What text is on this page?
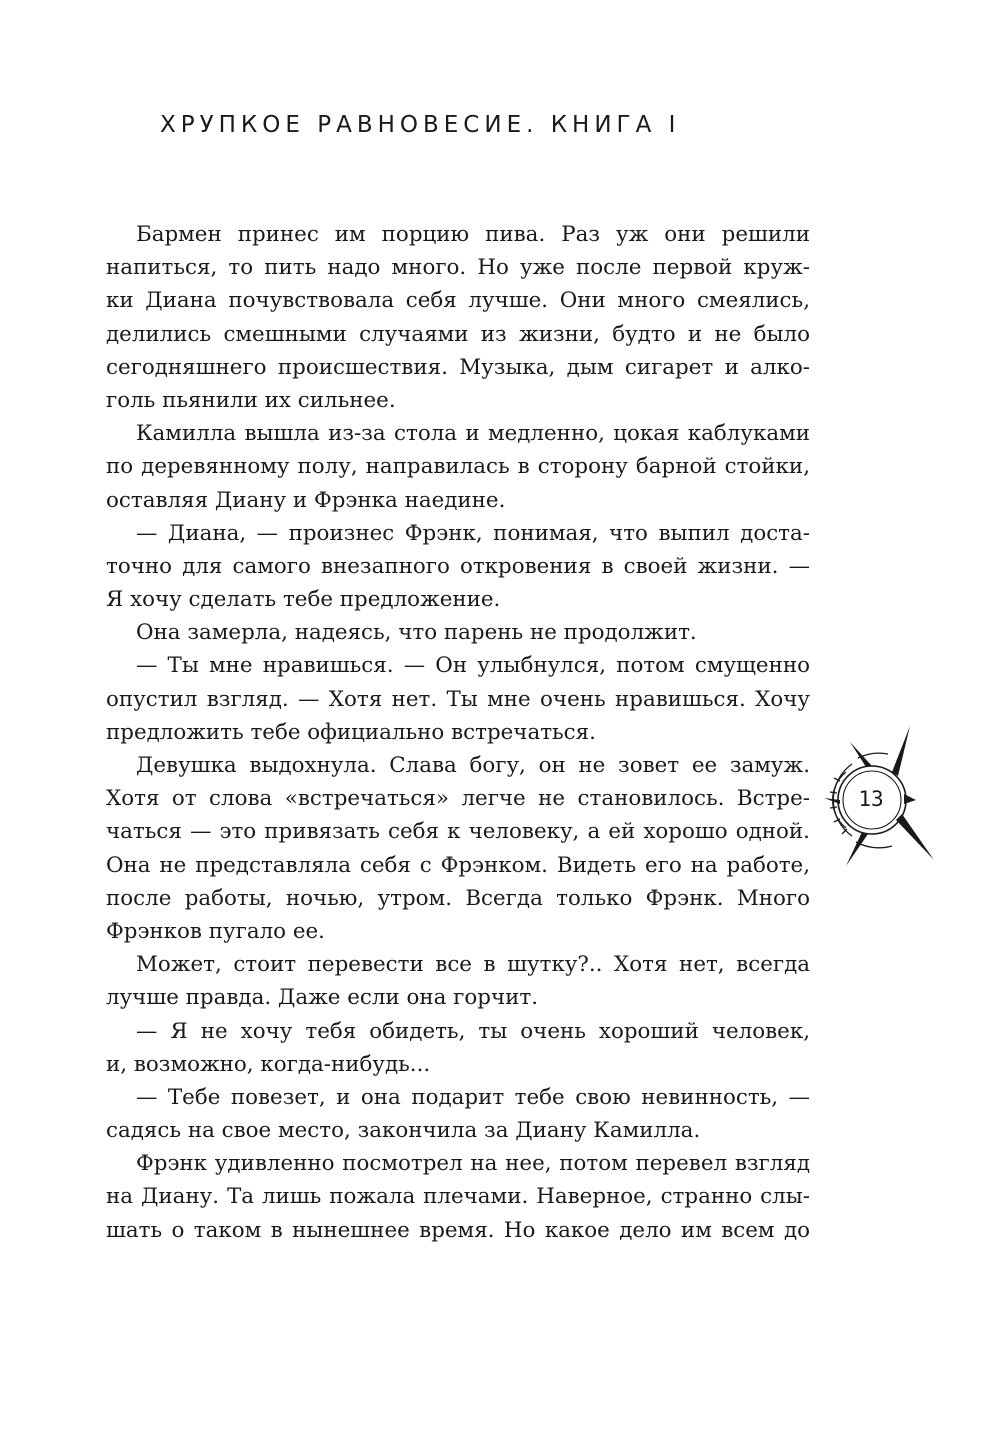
ХРУПКОЕ РАВНОВЕСИЕ. КНИГА I
Бармен принес им порцию пива. Раз уж они решили
напиться, то пить надо много. Но уже после первой круж-
ки Диана почувствовала себя лучше. Они много смеялись,
делились смешными случаями из жизни, будто и не было
сегодняшнего происшествия. Музыка, дым сигарет и алко-
голь пьянили их сильнее.
Камилла вышла из-за стола и медленно, цокая каблуками
по деревянному полу, направилась в сторону барной стойки,
оставляя Диану и Фрэнка наедине.
— Диана, — произнес Фрэнк, понимая, что выпил доста-
точно для самого внезапного откровения в своей жизни. —
Я хочу сделать тебе предложение.
Она замерла, надеясь, что парень не продолжит.
— Ты мне нравишься. — Он улыбнулся, потом смущенно
опустил взгляд. — Хотя нет. Ты мне очень нравишься. Хочу
предложить тебе официально встречаться.
Девушка выдохнула. Слава богу, он не зовет ее замуж.
Хотя от слова «встречаться» легче не становилось. Встре-
чаться — это привязать себя к человеку, а ей хорошо одной.
Она не представляла себя с Фрэнком. Видеть его на работе,
после работы, ночью, утром. Всегда только Фрэнк. Много
Фрэнков пугало ее.
Может, стоит перевести все в шутку?.. Хотя нет, всегда
лучше правда. Даже если она горчит.
— Я не хочу тебя обидеть, ты очень хороший человек,
и, возможно, когда-нибудь...
— Тебе повезет, и она подарит тебе свою невинность, —
садясь на свое место, закончила за Диану Камилла.
Фрэнк удивленно посмотрел на нее, потом перевел взгляд
на Диану. Та лишь пожала плечами. Наверное, странно слы-
шать о таком в нынешнее время. Но какое дело им всем до
13
